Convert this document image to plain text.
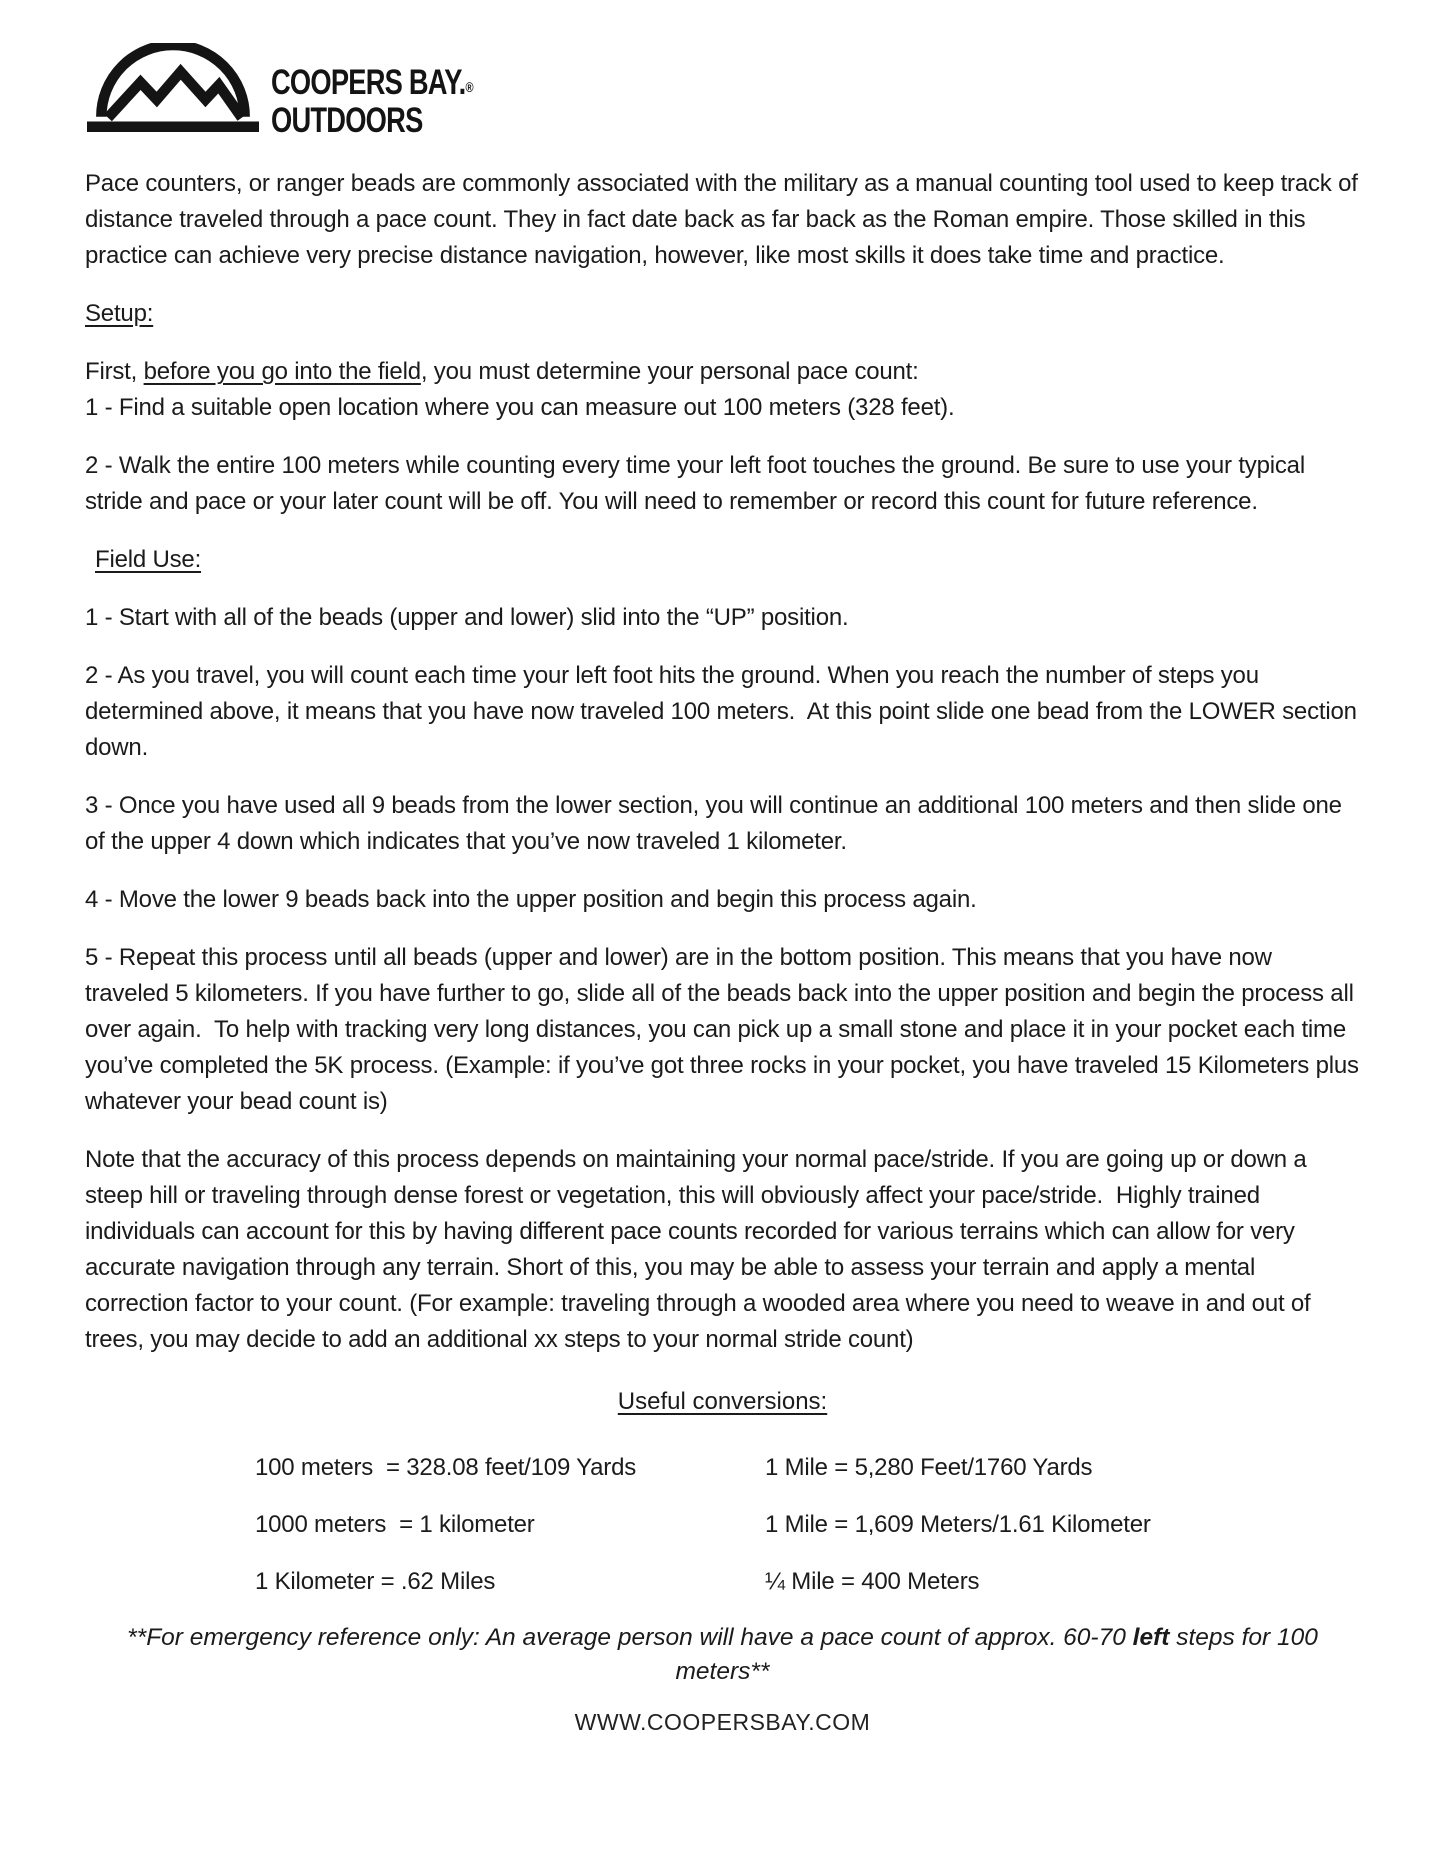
COOPERS BAY.®
OUTDOORS

Pace counters, or ranger beads are commonly associated with the military as a manual counting tool used to keep track of distance traveled through a pace count. They in fact date back as far back as the Roman empire. Those skilled in this practice can achieve very precise distance navigation, however, like most skills it does take time and practice.

Setup:

First, before you go into the field, you must determine your personal pace count:
1 - Find a suitable open location where you can measure out 100 meters (328 feet).

2 - Walk the entire 100 meters while counting every time your left foot touches the ground. Be sure to use your typical stride and pace or your later count will be off. You will need to remember or record this count for future reference.

Field Use:

1 - Start with all of the beads (upper and lower) slid into the “UP” position.

2 - As you travel, you will count each time your left foot hits the ground. When you reach the number of steps you determined above, it means that you have now traveled 100 meters.  At this point slide one bead from the LOWER section down.

3 - Once you have used all 9 beads from the lower section, you will continue an additional 100 meters and then slide one of the upper 4 down which indicates that you’ve now traveled 1 kilometer.

4 - Move the lower 9 beads back into the upper position and begin this process again.

5 - Repeat this process until all beads (upper and lower) are in the bottom position. This means that you have now traveled 5 kilometers. If you have further to go, slide all of the beads back into the upper position and begin the process all over again.  To help with tracking very long distances, you can pick up a small stone and place it in your pocket each time you’ve completed the 5K process. (Example: if you’ve got three rocks in your pocket, you have traveled 15 Kilometers plus whatever your bead count is)

Note that the accuracy of this process depends on maintaining your normal pace/stride. If you are going up or down a steep hill or traveling through dense forest or vegetation, this will obviously affect your pace/stride.  Highly trained individuals can account for this by having different pace counts recorded for various terrains which can allow for very accurate navigation through any terrain. Short of this, you may be able to assess your terrain and apply a mental correction factor to your count. (For example: traveling through a wooded area where you need to weave in and out of trees, you may decide to add an additional xx steps to your normal stride count)

Useful conversions:
100 meters  = 328.08 feet/109 Yards	1 Mile = 5,280 Feet/1760 Yards
1000 meters  = 1 kilometer	1 Mile = 1,609 Meters/1.61 Kilometer
1 Kilometer = .62 Miles	¼ Mile = 400 Meters

**For emergency reference only: An average person will have a pace count of approx. 60-70 left steps for 100 meters**

WWW.COOPERSBAY.COM
